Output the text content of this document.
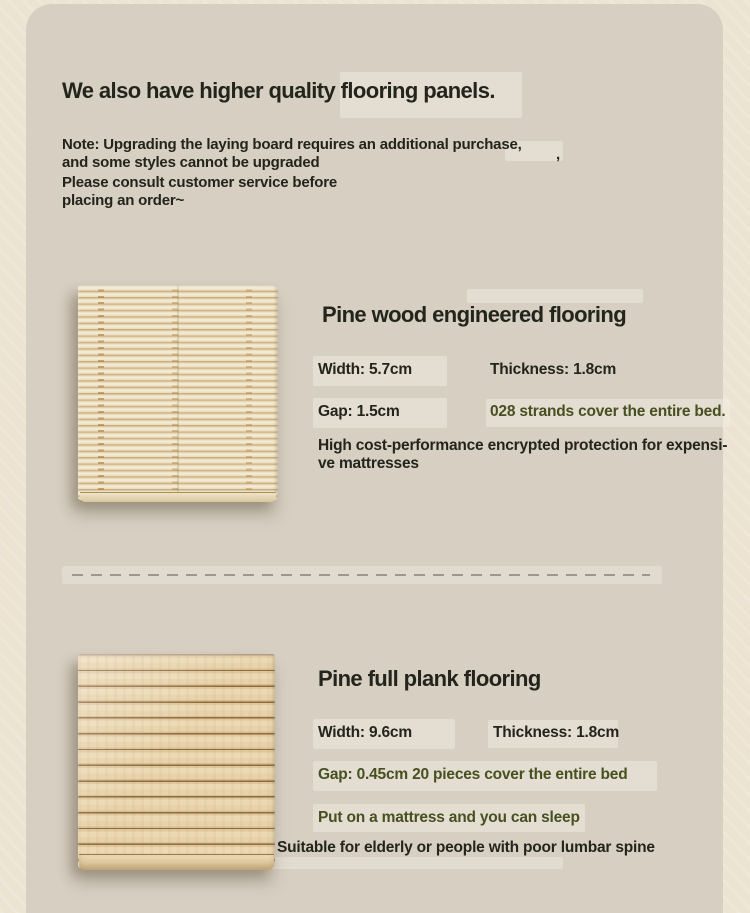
We also have higher quality flooring panels.
Note: Upgrading the laying board requires an additional purchase,
and some styles cannot be upgraded	,
Please consult customer service before
placing an order~
Pine wood engineered flooring
Width: 5.7cm	Thickness: 1.8cm
Gap: 1.5cm	028 strands cover the entire bed.
High cost-performance encrypted protection for expensi-
ve mattresses
Pine full plank flooring
Width: 9.6cm	Thickness: 1.8cm
Gap: 0.45cm 20 pieces cover the entire bed
Put on a mattress and you can sleep
Suitable for elderly or people with poor lumbar spine
